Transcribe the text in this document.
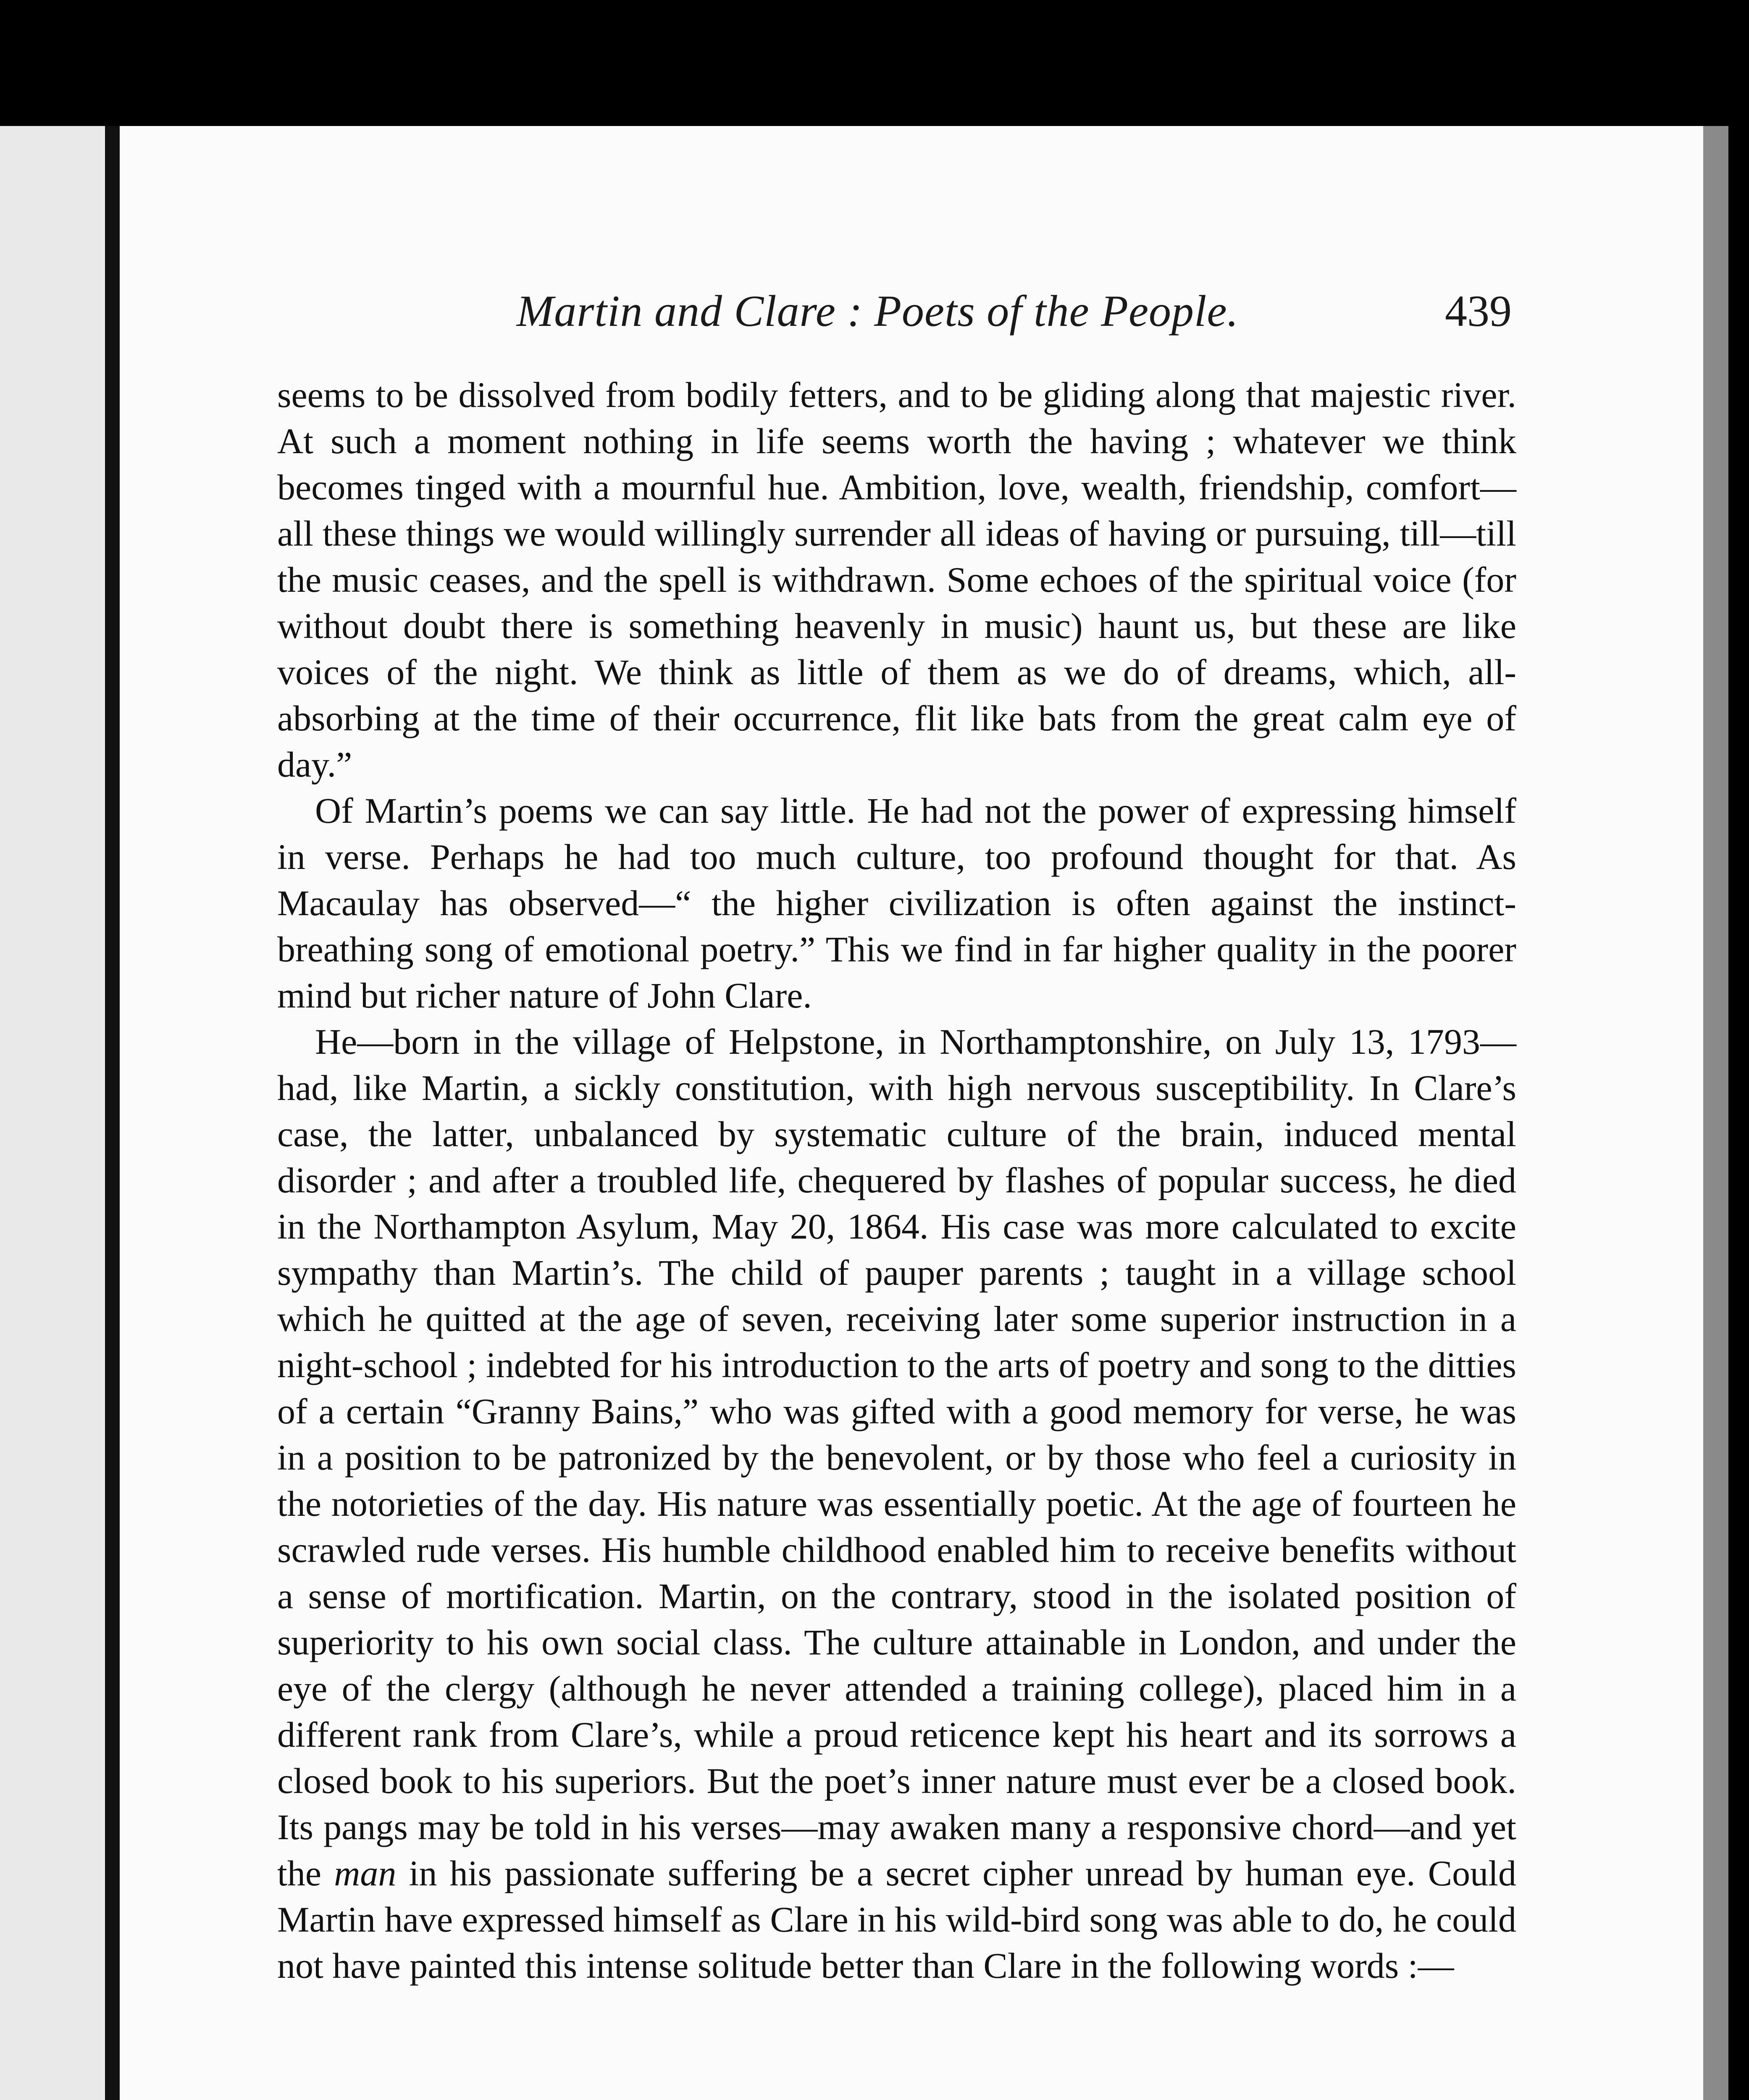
Martin and Clare : Poets of the People.	439

seems to be dissolved from bodily fetters, and to be gliding along that majestic river. At such a moment nothing in life seems worth the having ; whatever we think becomes tinged with a mournful hue. Ambition, love, wealth, friendship, comfort—all these things we would willingly surrender all ideas of having or pursuing, till—till the music ceases, and the spell is withdrawn. Some echoes of the spiritual voice (for without doubt there is something heavenly in music) haunt us, but these are like voices of the night. We think as little of them as we do of dreams, which, all-absorbing at the time of their occurrence, flit like bats from the great calm eye of day.”

Of Martin’s poems we can say little. He had not the power of expressing himself in verse. Perhaps he had too much culture, too profound thought for that. As Macaulay has observed—“ the higher civilization is often against the instinct-breathing song of emotional poetry.” This we find in far higher quality in the poorer mind but richer nature of John Clare.

He—born in the village of Helpstone, in Northamptonshire, on July 13, 1793—had, like Martin, a sickly constitution, with high nervous susceptibility. In Clare’s case, the latter, unbalanced by systematic culture of the brain, induced mental disorder ; and after a troubled life, chequered by flashes of popular success, he died in the Northampton Asylum, May 20, 1864. His case was more calculated to excite sympathy than Martin’s. The child of pauper parents ; taught in a village school which he quitted at the age of seven, receiving later some superior instruction in a night-school ; indebted for his introduction to the arts of poetry and song to the ditties of a certain “Granny Bains,” who was gifted with a good memory for verse, he was in a position to be patronized by the benevolent, or by those who feel a curiosity in the notorieties of the day. His nature was essentially poetic. At the age of fourteen he scrawled rude verses. His humble childhood enabled him to receive benefits without a sense of mortification. Martin, on the contrary, stood in the isolated position of superiority to his own social class. The culture attainable in London, and under the eye of the clergy (although he never attended a training college), placed him in a different rank from Clare’s, while a proud reticence kept his heart and its sorrows a closed book to his superiors. But the poet’s inner nature must ever be a closed book. Its pangs may be told in his verses—may awaken many a responsive chord—and yet the man in his passionate suffering be a secret cipher unread by human eye. Could Martin have expressed himself as Clare in his wild-bird song was able to do, he could not have painted this intense solitude better than Clare in the following words :—
